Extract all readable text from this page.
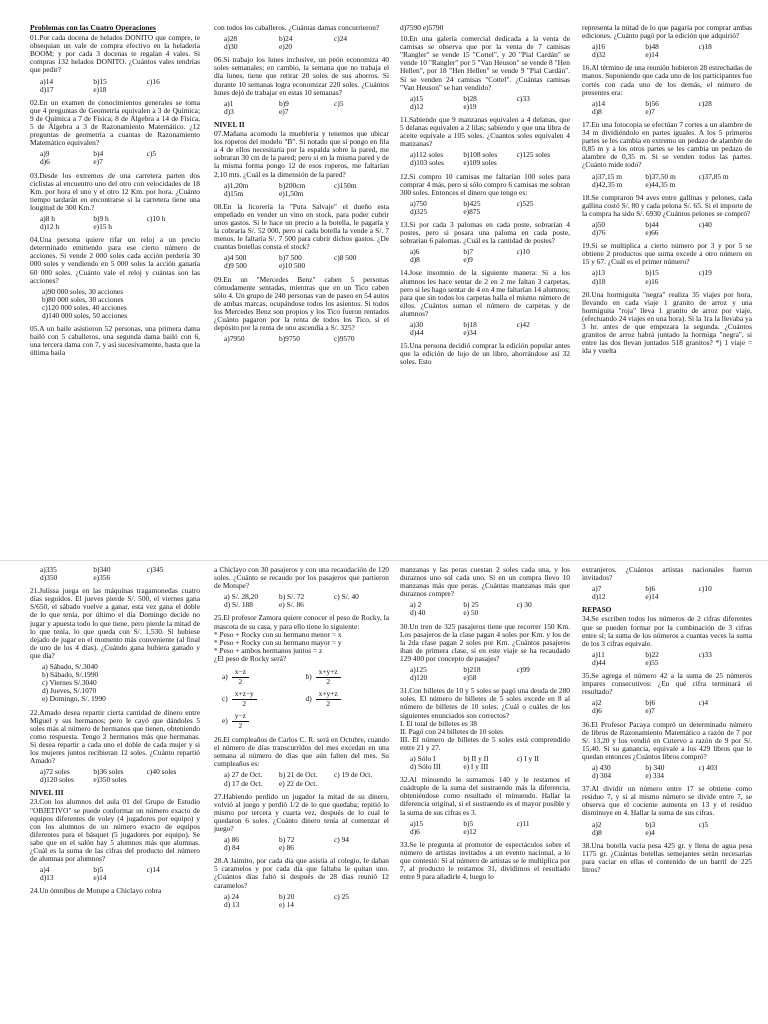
Problemas con las Cuatro Operaciones
01.Por cada docena de helados DONITO que compre, te obsequian un vale de compra efectivo en la heladería BOOM; y por cada 3 docenas te regalan 4 vales. Si compras 132 helados DONITO. ¿Cuántos vales tendrías que pedir?
a)14	b)15	c)16
d)17	e)18
02.En un examen de conocimientos generales se toma que 4 preguntas de Geometría equivalen a 3 de Química; 9 de Química a 7 de Física; 8 de Álgebra a 14 de Física, 5 de Álgebra a 3 de Razonamiento Matemático. ¿12 preguntas de geometría a cuantas de Razonamiento Matemático equivalen?
a)9	b)4	c)5
d)6	e)7
03.Desde los extremos de una carretera parten dos ciclistas al encuentro uno del otro con velocidades de 18 Km. por hora el uno y el otro 12 Km. por hora. ¿Cuánto tiempo tardarán en encontrarse si la carretera tiene una longitud de 300 Km.?
a)8 h	b)9 h	c)10 h
d)12 h	e)15 h
04.Una persona quiere rifar un reloj a un precio determinado emitiendo para ese cierto número de acciones. Si vende 2 000 soles cada acción perdería 30 000 soles y vendiendo en 5 000 soles la acción ganaría 60 000 soles. ¿Cuánto vale el reloj y cuántas son las acciones?
a)90 000 soles, 30 acciones
b)80 000 soles, 30 acciones
c)120 000 soles, 40 acciones
d)140 000 soles, 50 acciones
05.A un baile asistieron 52 personas, una primera dama bailó con 5 caballeros, una segunda dama bailó con 6, una tercera dama con 7, y así sucesivamente, hasta que la última baila
con todos los caballeros. ¿Cuántas damas concurrieron?
a)28	b)24	c)24
d)30	e)20
06.Si trabajo los lunes inclusive, un peón economiza 40 soles semanales; en cambio, la semana que no trabaja el día lunes, tiene que retirar 20 soles de sus ahorros. Si durante 10 semanas logra economizar 220 soles. ¿Cuántos lunes dejó de trabajar en estas 10 semanas?
a)1	b)9	c)5
d)3	e)7
NIVEL II
07.Mañana acomodo la muebleria y tenemos que ubicar los roperos del modelo "B". Si notado que si pongo en fila a 4 de ellos necesitaría por la espalda sobre la pared, me sobraran 30 cm de la pared; pero si en la misma pared y de la misma forma pongo 12 de esos roperos, me faltarían 2,10 mts. ¿Cuál es la dimensión de la pared?
a)1,20m	b)200cm	c)150m
d)15m	e)1,50m
08.En la licorería la "Pura Salvaje" el dueño esta empeñado en vender un vino en stock, para poder cubrir unos gastos. Si le hace un precio a la botella, le pagaría y la cobraría S/. 52 000, pero si cada botella la vende a S/. 7 menos, le faltaría S/. 7 500 para cubrir dichos gastos. ¿De cuantas botellas consta el stock?
a)4 500	b)7 500	c)8 500
d)9 500	e)10 500
09.En un "Mercedes Benz" caben 5 personas cómodamente sentadas, mientras que en un Tico caben sólo 4. Un grupo de 240 personas van de paseo en 54 autos de ambas marcas, ocupándose todos los asientos. Si todos los Mercedes Benz son propios y los Tico fueron rentados ¿Cuánto pagaron por la renta de todos los Tico, si el depósito por la renta de uno ascendía a S/. 325?
a)7950	b)9750	c)9570
d)7590 e)5790
10.En una galería comercial dedicada a la venta de camisas se observa que por la venta de 7 camisas "Rangler" se vende 15 "Cottel", y 20 "Pial Cardán" se vende 10 "Rangler" por 5 "Van Heuson" se vende 8 "Hen Hellen", por 18 "Hen Hellen" se vende 9 "Pial Cardán". Si se venden 24 camisas "Cottel". ¿Cuántas camisas "Van Heuson" se han vendido?
a)15	b)28	c)33
d)12	e)19
11.Sabiendo que 9 manzanas equivalen a 4 delanas, que 5 delanas equivalen a 2 lilas; sabiendo y que una libra de aceite equivale a 105 soles. ¿Cuantos soles equivalen 4 manzanas?
a)112 soles	b)108 soles	c)125 soles
d)103 soles	e)109 soles
12.Si compro 10 camisas me faltarían 100 soles para comprar 4 más, pero si sólo compro 6 camisas me sobran 300 soles. Entonces el dinero que tengo es:
a)750	b)425	c)525
d)325	e)875
13.Si por cada 3 palomas en cada poste, sobrarían 4 postes, pero si posara una paloma en cada poste, sobrarían 6 palomas. ¿Cuál es la cantidad de postes?
a)6	b)7	c)10
d)8	e)9
14.Jose insomnio de la siguiente manera: Si a los alumnos les hace sentar de 2 en 2 me faltan 3 carpetas, pero si les hago sentar de 4 en 4 me faltarían 14 alumnos; para que sin todos los carpetas halla el mismo número de ellos. ¿Cuántos suman el número de carpetas y de alumnos?
a)30	b)18	c)42
d)44	e)34
15.Una persona decidió comprar la edición popular antes que la edición de lujo de un libro, ahorrándose así 32 soles. Esto
representa la mitad de lo que pagaría por comprar ambas ediciones. ¿Cuánto pagó por la edición que adquirió?
a)16	b)48	c)18
d)32	e)14
16.Al término de una reunión hubieron 28 estrechadas de manos. Suponiendo que cada uno de los participantes fue cortés con cada uno de los demás, el número de presentes era:
a)14	b)56	c)28
d)8	e)7
17.En una fotocopia se efectúan 7 cortes a un alambre de 34 m dividiéndolo en partes iguales. A los 5 primeros partes se les cambia en extremo un pedazo de alambre de 0,85 m y a los otros partes se les cambia un pedazo de alambre de 0,35 m. Si se venden todos las partes. ¿Cuánto mide todo?
a)37,15 m	b)37,50 m	c)37,85 m
d)42,35 m	e)44,35 m
18.Se compraron 94 aves entre gallinas y pelones, cada gallina costó S/. 80 y cada pelona S/. 65. Si el importe de la compra ha sido S/. 6930 ¿Cuántos pelones se compró?
a)50	b)44	c)40
d)76	e)66
19.Si se multiplica a cierto número por 3 y por 5 se obtiene 2 productos que suma excede a otro número en 15 y 67. ¿Cuál es el primer número?
a)13	b)15	c)19
d)18	e)16
20.Una hormiguita "negra" realiza 35 viajes por hora, llevando en cada viaje 1 granito de arroz y una hormiguita "roja" lleva 1 granito de arroz por viaje, (efectuando 24 viajes en una hora). Si la 1ra la llevaba ya 3 hr. antes de que empezara la segunda. ¿Cuántos granitos de arroz habrá juntado la hormiga "negra", si entre las dos llevan juntados 518 granitos? *) 1 viaje = ida y vuelta
a)335	b)340	c)345
d)350	e)356
21.Julissa juega en las máquinas tragamonedas cuatro días seguidos. El jueves pierde S/. 500, el viernes gana S/650, el sábado vuelve a ganar, esta vez gana el doble de lo que tenía, por último el día Domingo decide no jugar y apuesta todo lo que tiene, pero pierde la mitad de lo que tenía, lo que queda con S/. 1,530. Si hubiese dejado de jugar en el momento más conveniente (al final de uno de los 4 días). ¿Cuándo gana hubiera ganado y que día?
a) Sábado, S/.3040
b) Sábado, S/.1990
c) Viernes S/.3040
d) Jueves, S/.1070
e) Domingo, S/. 1990
22.Amado desea repartir cierta cantidad de dinero entre Miguel y sus hermanos; pero le cayó que dándoles 5 soles más al número de hermanos que tienen, obteniendo como respuesta. Tengo 2 hermanos más que hermanas. Si desea repartir a cada uno el doble de cada mujer y si los mujeres juntos recibieran 12 soles. ¿Cuánto repartió Amado?
a)72 soles	b)36 soles	c)40 soles
d)120 soles	e)350 soles
NIVEL III
23.Con los alumnos del aula 01 del Grupo de Estudio "OBJETIVO" se puede conformar un número exacto de equipos diferentes de voley (4 jugadores por equipo) y con los alumnos de un número exacto de equipos diferentes para el básquet (5 jugadores por equipo). Se sabe que en el salón hay 5 alumnos más que alumnas. ¿Cuál es la suma de las cifras del producto del número de alumnas por alumnos?
a)4	b)5	c)14
d)13	e)14
24.Un ómnibus de Motupe a Chiclayo cobra
a Chiclayo con 30 pasajeros y con una recaudación de 120 soles. ¿Cuánto se recaudo por los pasajeros que partieron de Motupe?
a) S/. 28,20	b) S/. 72	c) S/. 40
d) S/. 188	e) S/. 86
25.El profesor Zamora quiere conocer el peso de Rocky, la mascota de su casa, y para ello tiene lo siguiente:
* Peso + Rocky con su hermano menor = x
* Peso + Rocky con su hermano mayor = y
* Peso + ambos hermanos juntos = z
¿El peso de Rocky será?
$a) \frac{x-z}{2}$	$b) \frac{x+y+z}{2}$
$c) \frac{x+z-y}{2}$	$d) \frac{x+y+z}{2}$
$e) \frac{y-z}{2}$
26.El cumpleaños de Carlos C. R. será en Octubre, cuando el número de días transcurridos del mes excedan en una semana al número de días que aún falten del mes. Su cumpleaños es:
a) 27 de Oct.	b) 21 de Oct.	c) 19 de Oct.
d) 17 de Oct.	e) 22 de Oct.
27.Habiendo perdido un jugador la mitad de su dinero, volvió al juego y perdió 1/2 de lo que quedaba; repitió lo mismo por tercera y cuarta vez, después de lo cual le quedaron 6 soles. ¿Cuánto dinero tenía al comenzar el juego?
a) 86	b) 72	c) 94
d) 84	e) 86
28.A Jaimito, por cada día que asistía al colegio, le daban 5 caramelos y por cada día que faltaba le quitan uno. ¿Cuántos días faltó si después de 28 días reunió 12 caramelos?
a) 24	b) 20	c) 25
d) 13	e) 14
manzanas y las peras cuestan 2 soles cada una, y los duraznos uno sol cada uno. Si en un compra llevo 10 manzanas más que peras. ¿Cuántas manzanas más que duraznos compre?
a) 2	b) 25	c) 30
d) 40	e) 50
30.Un tren de 325 pasajeros tiene que recorrer 150 Km. Los pasajeros de la clase pagan 4 soles por Km. y los de la 2da clase pagan 2 soles por Km. ¿Cuántos pasajeros iban de primera clase, si en este viaje se ha recaudado 129 400 por concepto de pasajes?
a)125	b)218	c)99
d)120	e)58
31.Con billetes de 10 y 5 soles se pagó una deuda de 280 soles. El número de billetes de 5 soles excede en 8 al número de billetes de 10 soles. ¿Cuál o cuáles de los siguientes enunciados son correctos?
I. El total de billetes es 38
II. Pagó con 24 billetes de 10 soles
III. El número de billetes de 5 soles está comprendido entre 21 y 27.
a) Sólo I	b) II y II	c) I y II
d) Sólo III	e) I y III
32.Al minuendo le sumamos 140 y le restamos el cuádruple de la suma del sustraendo más la diferencia, obteniéndose como resultado el minuendo. Hallar la diferencia original, si el sustraendo es el mayor posible y la suma de sus cifras es 3.
a)15	b)5	c)11
d)6	e)12
33.Se le pregunta al promotor de espectáculos sobre el número de artistas invitados a un evento nacional, a lo que contestó: Si al número de artistas se le multiplica por 7, al producto le restamos 31, dividimos el resultado entre 9 para añadirle 4, luego lo
extranjeros. ¿Cuántos artistas nacionales fueron invitados?
a)7	b)6	c)10
d)12	e)14
REPASO
34.Se escriben todos los números de 2 cifras diferentes que se pueden formar por la combinación de 3 cifras entre sí; la suma de los números a cuantas veces la suma de los 3 cifras equivale.
a)11	b)22	c)33
d)44	e)55
35.Se agrega el número 42 a la suma de 25 números impares consecutivos: ¿En qué cifra terminará el resultado?
a)2	b)6	c)4
d)6	e)7
36.El Profesor Pacaya compró un determinado número de libros de Razonamiento Matemático a razón de 7 por S/. 13,20 y los vendió en Cutervo a razón de 9 por S/. 15,40. Si su ganancia, equivale a los 429 libros que le quedan entonces ¿Cuántos libros compró?
a) 430	b) 340	c) 403
d) 304	e) 334
37.Al dividir un número entre 17 se obtiene como residuo 7, y si al mismo número se divide entre 7, se observa que el cociente aumenta en 13 y el residuo disminuye en 4. Hallar la suma de sus cifras.
a)2	b)3	c)5
d)8	e)4
38.Una botella vacía pesa 425 gr. y llena de agua pesa 1175 gr. ¿Cuántas botellas semejantes serán necesarias para vaciar en ellas el contenido de un barril de 225 litros?
